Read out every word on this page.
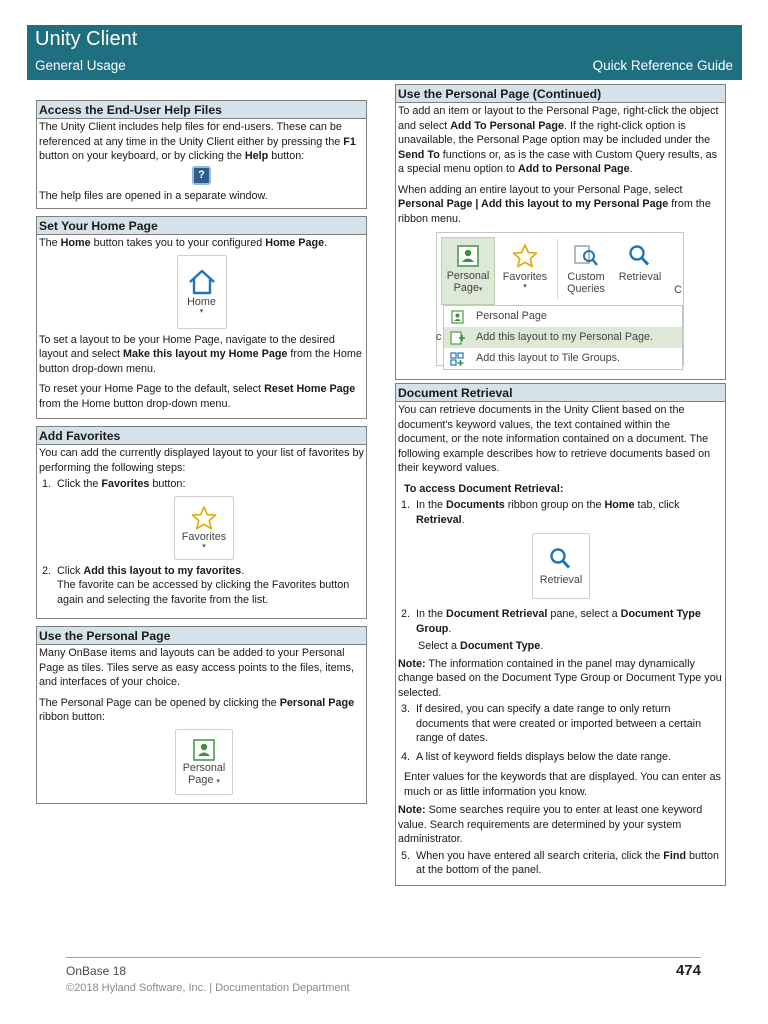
Unity Client
General Usage	Quick Reference Guide
Access the End-User Help Files

The Unity Client includes help files for end-users. These can be referenced at any time in the Unity Client either by pressing the F1 button on your keyboard, or by clicking the Help button:

?

The help files are opened in a separate window.

Set Your Home Page

The Home button takes you to your configured Home Page.

Home
▾

To set a layout to be your Home Page, navigate to the desired layout and select Make this layout my Home Page from the Home button drop-down menu.

To reset your Home Page to the default, select Reset Home Page from the Home button drop-down menu.

Add Favorites

You can add the currently displayed layout to your list of favorites by performing the following steps:

1. Click the Favorites button:
Favorites
▾
2. Click Add this layout to my favorites.
The favorite can be accessed by clicking the Favorites button again and selecting the favorite from the list.
Use the Personal Page

Many OnBase items and layouts can be added to your Personal Page as tiles. Tiles serve as easy access points to the files, items, and interfaces of your choice.

The Personal Page can be opened by clicking the Personal Page ribbon button:

Personal
Page ▾
Use the Personal Page (Continued)

To add an item or layout to the Personal Page, right-click the object and select Add To Personal Page. If the right-click option is unavailable, the Personal Page option may be included under the Send To functions or, as is the case with Custom Query results, as a special menu option to Add to Personal Page.

When adding an entire layout to your Personal Page, select Personal Page | Add this layout to my Personal Page from the ribbon menu.

Personal
Page▾
Favorites
▾
Custom
Queries
Retrieval
C
c
Personal Page
Add this layout to my Personal Page.
Add this layout to Tile Groups.
Document Retrieval

You can retrieve documents in the Unity Client based on the document's keyword values, the text contained within the document, or the note information contained on a document. The following example describes how to retrieve documents based on their keyword values.

To access Document Retrieval:

1. In the Documents ribbon group on the Home tab, click Retrieval.
Retrieval
2. In the Document Retrieval pane, select a Document Type Group.

Select a Document Type.

Note: The information contained in the panel may dynamically change based on the Document Type Group or Document Type you selected.

3. If desired, you can specify a date range to only return documents that were created or imported between a certain range of dates.
4. A list of keyword fields displays below the date range.

Enter values for the keywords that are displayed. You can enter as much or as little information you know.

Note: Some searches require you to enter at least one keyword value. Search requirements are determined by your system administrator.

5. When you have entered all search criteria, click the Find button at the bottom of the panel.
OnBase 18
©2018 Hyland Software, Inc. | Documentation Department
474
